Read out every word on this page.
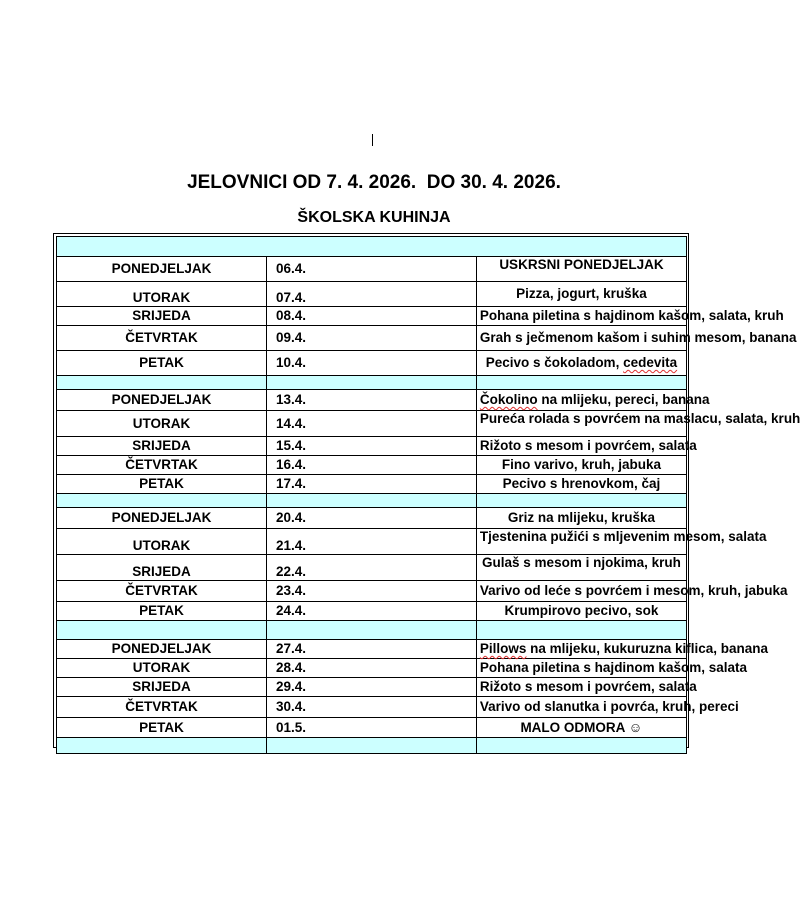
JELOVNICI OD 7. 4. 2026.  DO 30. 4. 2026.
ŠKOLSKA KUHINJA

PONEDJELJAK	06.4.	USKRSNI PONEDJELJAK
UTORAK	07.4.	Pizza, jogurt, kruška
SRIJEDA	08.4.	Pohana piletina s hajdinom kašom, salata, kruh
ČETVRTAK	09.4.	Grah s ječmenom kašom i suhim mesom, banana
PETAK	10.4.	Pecivo s čokoladom, cedevita

PONEDJELJAK	13.4.	Čokolino na mlijeku, pereci, banana
UTORAK	14.4.	Pureća rolada s povrćem na maslacu, salata, kruh
SRIJEDA	15.4.	Rižoto s mesom i povrćem, salata
ČETVRTAK	16.4.	Fino varivo, kruh, jabuka
PETAK	17.4.	Pecivo s hrenovkom, čaj

PONEDJELJAK	20.4.	Griz na mlijeku, kruška
UTORAK	21.4.	Tjestenina pužići s mljevenim mesom, salata
SRIJEDA	22.4.	Gulaš s mesom i njokima, kruh
ČETVRTAK	23.4.	Varivo od leće s povrćem i mesom, kruh, jabuka
PETAK	24.4.	Krumpirovo pecivo, sok

PONEDJELJAK	27.4.	Pillows na mlijeku, kukuruzna kiflica, banana
UTORAK	28.4.	Pohana piletina s hajdinom kašom, salata
SRIJEDA	29.4.	Rižoto s mesom i povrćem, salata
ČETVRTAK	30.4.	Varivo od slanutka i povrća, kruh, pereci
PETAK	01.5.	MALO ODMORA ☺
